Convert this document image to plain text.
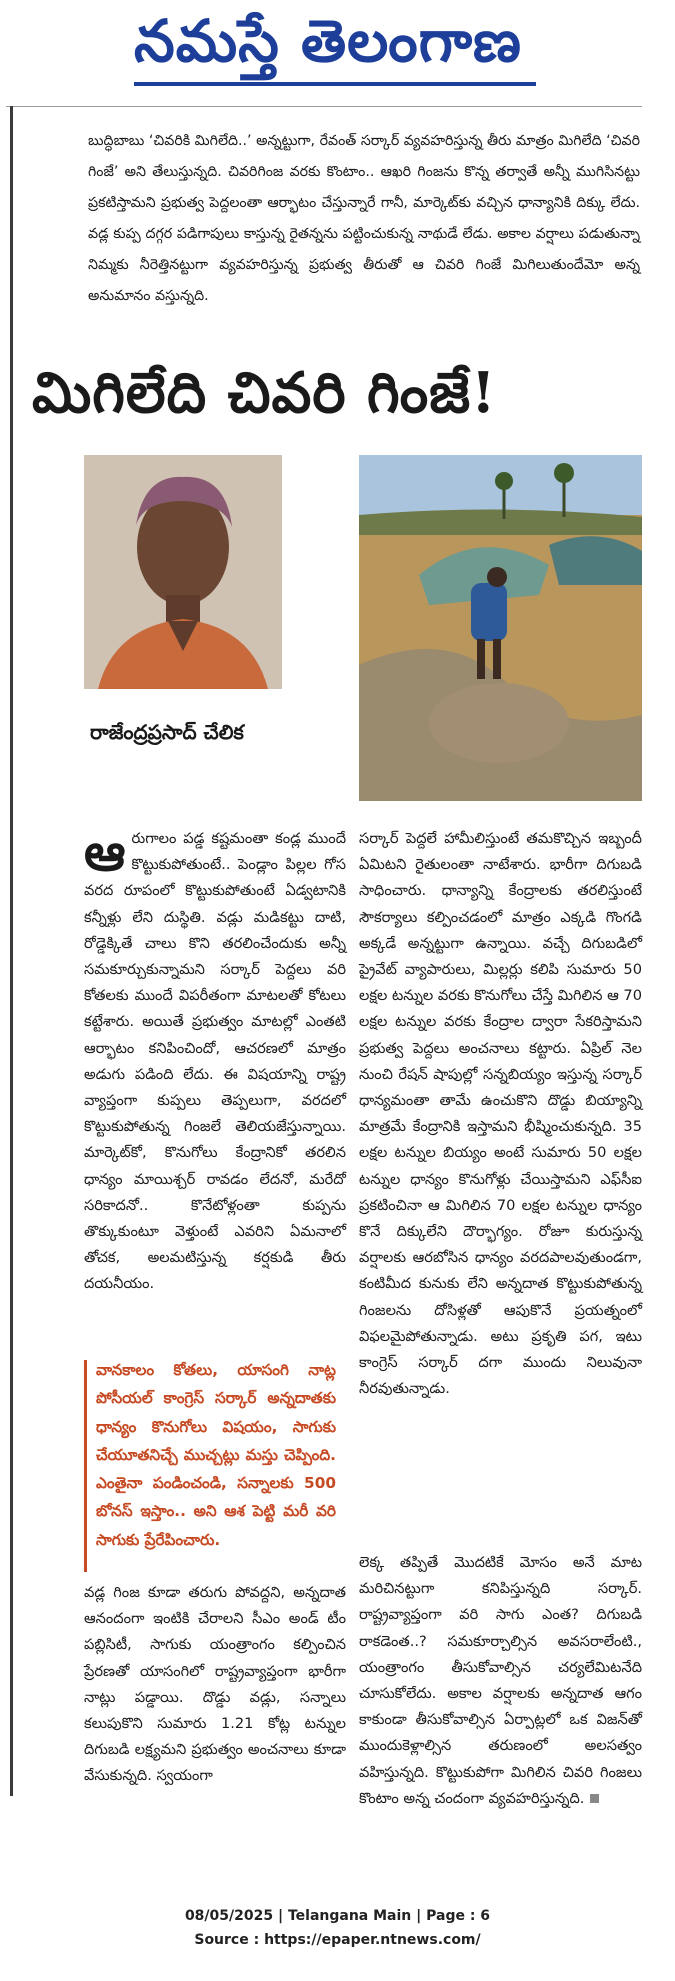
నమస్తే తెలంగాణ
బుద్ధిబాబు ‘చివరికి మిగిలేది..’ అన్నట్టుగా, రేవంత్ సర్కార్ వ్యవహరిస్తున్న తీరు మాత్రం మిగిలేది ‘చివరి గింజే’ అని తేలుస్తున్నది. చివరిగింజ వరకు కొంటాం.. ఆఖరి గింజను కొన్న తర్వాతే అన్నీ ముగిసినట్టు ప్రకటిస్తామని ప్రభుత్వ పెద్దలంతా ఆర్భాటం చేస్తున్నారే గానీ, మార్కెట్‌కు వచ్చిన ధాన్యానికి దిక్కు లేదు. వడ్ల కుప్ప దగ్గర పడిగాపులు కాస్తున్న రైతన్నను పట్టించుకున్న నాథుడే లేడు. అకాల వర్షాలు పడుతున్నా నిమ్మకు నీరెత్తినట్టుగా వ్యవహరిస్తున్న ప్రభుత్వ తీరుతో ఆ చివరి గింజే మిగిలుతుందేమో అన్న అనుమానం వస్తున్నది.
మిగిలేది చివరి గింజే!
రాజేంద్రప్రసాద్ చేలిక

ఆరుగాలం పడ్డ కష్టమంతా కండ్ల ముందే కొట్టుకుపోతుంటే.. పెండ్లాం పిల్లల గోస వరద రూపంలో కొట్టుకుపోతుంటే ఏడ్వటానికి కన్నీళ్లు లేని దుస్థితి. వడ్లు మడికట్టు దాటి, రోడ్డెక్కితే చాలు కొని తరలించేందుకు అన్నీ సమకూర్చుకున్నామని సర్కార్ పెద్దలు వరి కోతలకు ముందే విపరీతంగా మాటలతో కోటలు కట్టేశారు. అయితే ప్రభుత్వం మాటల్లో ఎంతటి ఆర్భాటం కనిపించిందో, ఆచరణలో మాత్రం అడుగు పడింది లేదు. ఈ విషయాన్ని రాష్ట్ర వ్యాప్తంగా కుప్పలు తెప్పలుగా, వరదలో కొట్టుకుపోతున్న గింజలే తెలియజేస్తున్నాయి. మార్కెట్‌కో, కొనుగోలు కేంద్రానికో తరలిన ధాన్యం మాయిశ్చర్ రావడం లేదనో, మరేదో సరికాదనో.. కొనేటోళ్లంతా కుప్పను తొక్కుకుంటూ వెళ్తుంటే ఎవరిని ఏమనాలో తోచక, అలమటిస్తున్న కర్షకుడి తీరు దయనీయం.

వానకాలం కోతలు, యాసంగి నాట్ల పోసీయల్ కాంగ్రెస్ సర్కార్ అన్నదాతకు ధాన్యం కొనుగోలు విషయం, సాగుకు చేయూతనిచ్చే ముచ్చట్లు మస్తు చెప్పింది. ఎంతైనా పండించండి, సన్నాలకు 500 బోనస్ ఇస్తాం.. అని ఆశ పెట్టి మరీ వరి సాగుకు ప్రేరేపించారు.
వడ్ల గింజ కూడా తరుగు పోవద్దని, అన్నదాత ఆనందంగా ఇంటికి చేరాలని సీఎం అండ్ టీం పబ్లిసిటీ, సాగుకు యంత్రాంగం కల్పించిన ప్రేరణతో యాసంగిలో రాష్ట్రవ్యాప్తంగా భారీగా నాట్లు పడ్డాయి. దొడ్డు వడ్లు, సన్నాలు కలుపుకొని సుమారు 1.21 కోట్ల టన్నుల దిగుబడి లక్ష్యమని ప్రభుత్వం అంచనాలు కూడా వేసుకున్నది. స్వయంగా
సర్కార్ పెద్దలే హామీలిస్తుంటే తమకొచ్చిన ఇబ్బందీ ఏమిటని రైతులంతా నాటేశారు. భారీగా దిగుబడి సాధించారు. ధాన్యాన్ని కేంద్రాలకు తరలిస్తుంటే సౌకర్యాలు కల్పించడంలో మాత్రం ఎక్కడి గొంగడి అక్కడే అన్నట్టుగా ఉన్నాయి. వచ్చే దిగుబడిలో ప్రైవేట్ వ్యాపారులు, మిల్లర్లు కలిపి సుమారు 50 లక్షల టన్నుల వరకు కొనుగోలు చేస్తే మిగిలిన ఆ 70 లక్షల టన్నుల వరకు కేంద్రాల ద్వారా సేకరిస్తామని ప్రభుత్వ పెద్దలు అంచనాలు కట్టారు. ఏప్రిల్ నెల నుంచి రేషన్ షాపుల్లో సన్నబియ్యం ఇస్తున్న సర్కార్ ధాన్యమంతా తామే ఉంచుకొని దొడ్డు బియ్యాన్ని మాత్రమే కేంద్రానికి ఇస్తామని భీష్మించుకున్నది. 35 లక్షల టన్నుల బియ్యం అంటే సుమారు 50 లక్షల టన్నుల ధాన్యం కొనుగోళ్లు చేయిస్తామని ఎఫ్‌సీఐ ప్రకటించినా ఆ మిగిలిన 70 లక్షల టన్నుల ధాన్యం కొనే దిక్కులేని దౌర్భాగ్యం. రోజూ కురుస్తున్న వర్షాలకు ఆరబోసిన ధాన్యం వరదపాలవుతుండగా, కంటిమీద కునుకు లేని అన్నదాత కొట్టుకుపోతున్న గింజలను దోసిళ్లతో ఆపుకొనే ప్రయత్నంలో విఫలమైపోతున్నాడు. అటు ప్రకృతి పగ, ఇటు కాంగ్రెస్ సర్కార్ దగా ముందు నిలువునా నీరవుతున్నాడు.
లెక్క తప్పితే మొదటికే మోసం అనే మాట మరిచినట్టుగా కనిపిస్తున్నది సర్కార్. రాష్ట్రవ్యాప్తంగా వరి సాగు ఎంత? దిగుబడి రాకడెంత..? సమకూర్చాల్సిన అవసరాలేంటి., యంత్రాంగం తీసుకోవాల్సిన చర్యలేమిటనేది చూసుకోలేదు. అకాల వర్షాలకు అన్నదాత ఆగం కాకుండా తీసుకోవాల్సిన ఏర్పాట్లలో ఒక విజన్‌తో ముందుకెళ్లాల్సిన తరుణంలో అలసత్వం వహిస్తున్నది. కొట్టుకుపోగా మిగిలిన చివరి గింజలు కొంటాం అన్న చందంగా వ్యవహరిస్తున్నది.
08/05/2025 | Telangana Main | Page : 6
Source : https://epaper.ntnews.com/
